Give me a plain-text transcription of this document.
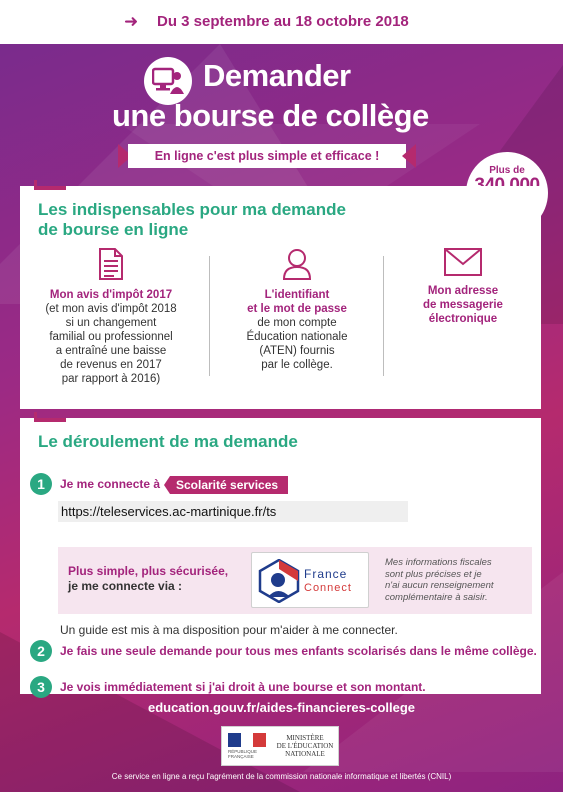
➜ Du 3 septembre au 18 octobre 2018
Demander
une bourse de collège
En ligne c'est plus simple et efficace !
Plus de
Les indispensables pour ma demande
de bourse en ligne
Mon avis d'impôt 2017
(et mon avis d'impôt 2018
si un changement
familial ou professionnel
a entraîné une baisse
de revenus en 2017
par rapport à 2016)
L'identifiant
et le mot de passe
de mon compte
Éducation nationale
(ATEN) fournis
par le collège.
Mon adresse
de messagerie
électronique
Le déroulement de ma demande
1	Je me connecte à	Scolarité services
https://teleservices.ac-martinique.fr/ts
Plus simple, plus sécurisée,
je me connecte via :
France
Connect
Mes informations fiscales
sont plus précises et je
n'ai aucun renseignement
complémentaire à saisir.
Un guide est mis à ma disposition pour m'aider à me connecter.
2	Je fais une seule demande pour tous mes enfants scolarisés dans le même collège.
3	Je vois immédiatement si j'ai droit à une bourse et son montant.
education.gouv.fr/aides-financieres-college
RÉPUBLIQUE FRANÇAISE
MINISTÈRE
DE L'ÉDUCATION
NATIONALE
Ce service en ligne a reçu l'agrément de la commission nationale informatique et libertés (CNIL)
